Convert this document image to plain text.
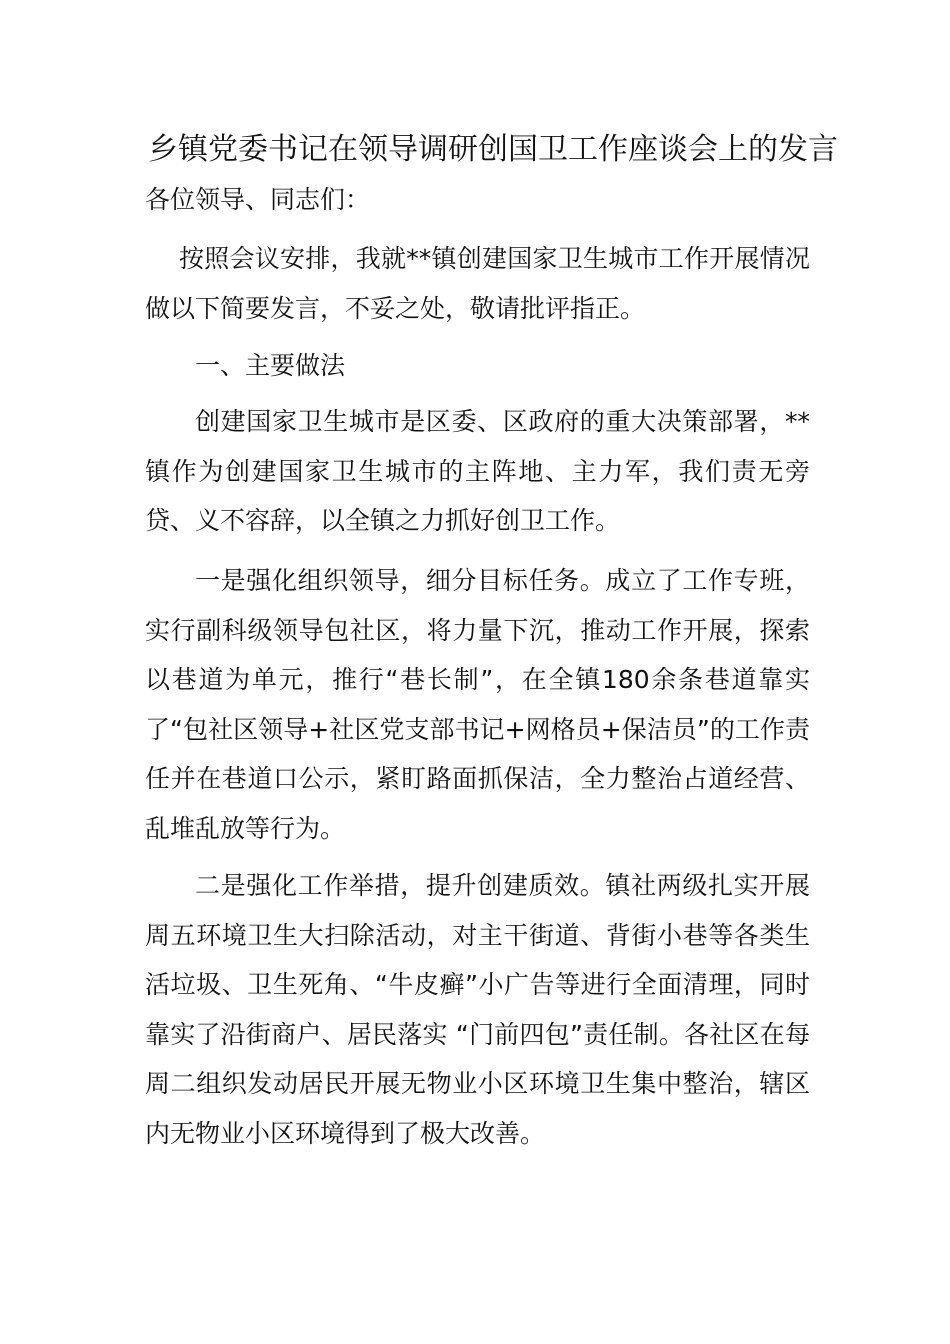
乡镇党委书记在领导调研创国卫工作座谈会上的发言

各位领导、同志们：

按照会议安排，我就**镇创建国家卫生城市工作开展情况做以下简要发言，不妥之处，敬请批评指正。

一、主要做法

创建国家卫生城市是区委、区政府的重大决策部署，**镇作为创建国家卫生城市的主阵地、主力军，我们责无旁贷、义不容辞，以全镇之力抓好创卫工作。

一是强化组织领导，细分目标任务。成立了工作专班，实行副科级领导包社区，将力量下沉，推动工作开展，探索以巷道为单元，推行“巷长制”，在全镇180余条巷道靠实了“包社区领导+社区党支部书记+网格员+保洁员”的工作责任并在巷道口公示，紧盯路面抓保洁，全力整治占道经营、乱堆乱放等行为。

二是强化工作举措，提升创建质效。镇社两级扎实开展周五环境卫生大扫除活动，对主干街道、背街小巷等各类生活垃圾、卫生死角、“牛皮癣”小广告等进行全面清理，同时靠实了沿街商户、居民落实 “门前四包”责任制。各社区在每周二组织发动居民开展无物业小区环境卫生集中整治，辖区内无物业小区环境得到了极大改善。
